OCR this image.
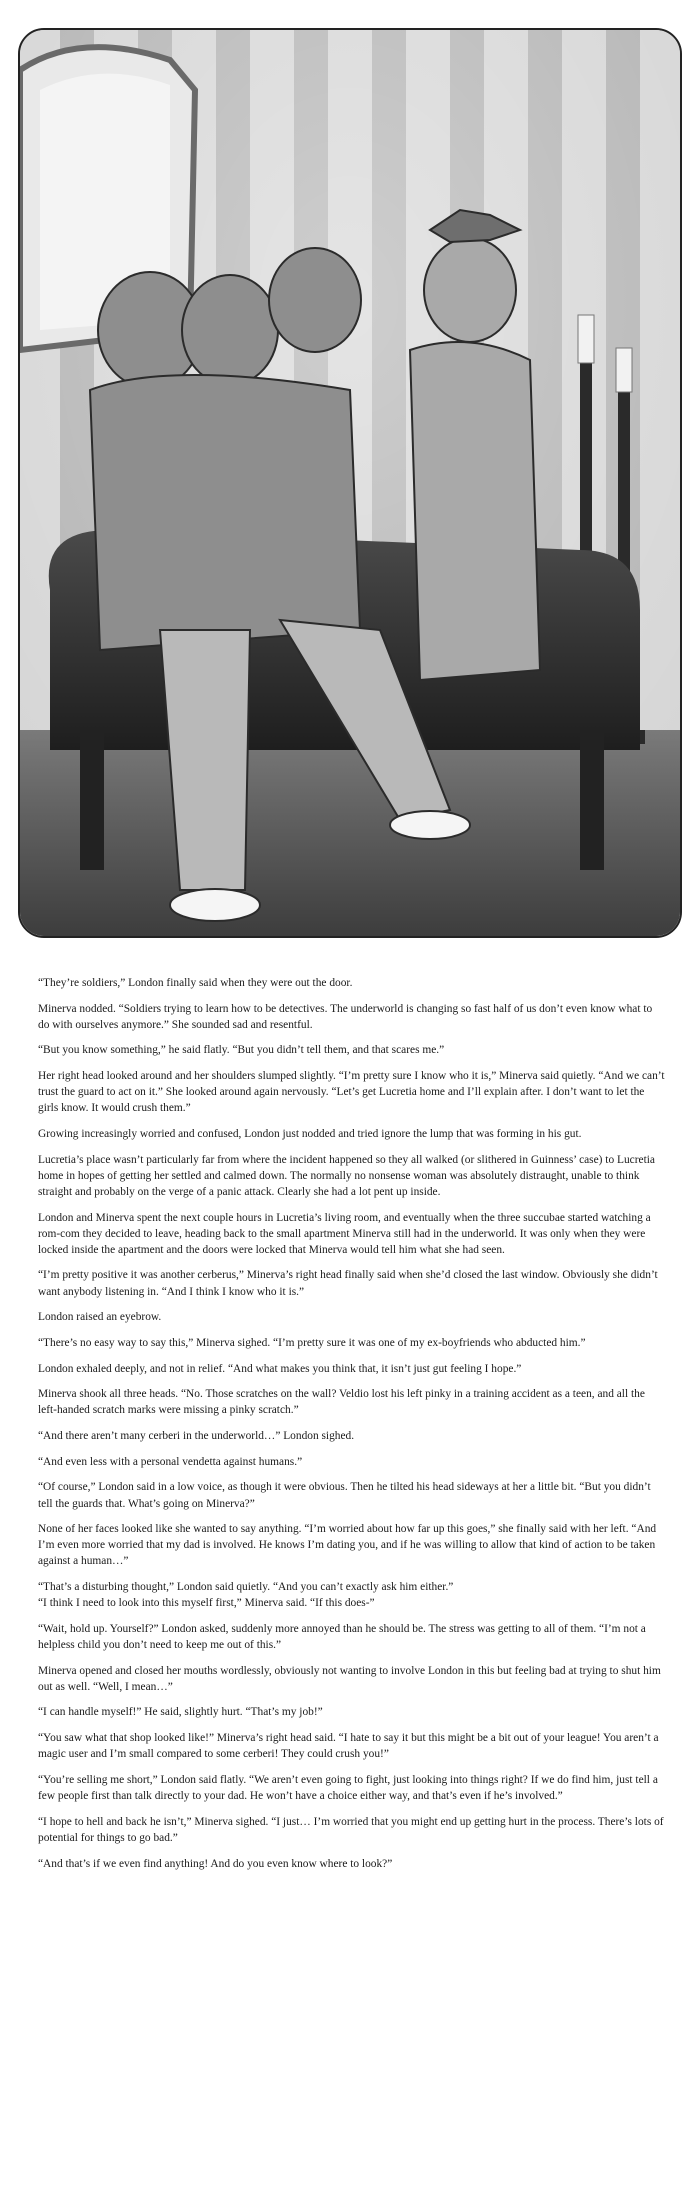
“They’re soldiers,” London finally said when they were out the door.

Minerva nodded. “Soldiers trying to learn how to be detectives. The underworld is changing so fast half of us don’t even know what to do with ourselves anymore.” She sounded sad and resentful.

“But you know something,” he said flatly. “But you didn’t tell them, and that scares me.”

Her right head looked around and her shoulders slumped slightly. “I’m pretty sure I know who it is,” Minerva said quietly. “And we can’t trust the guard to act on it.” She looked around again nervously. “Let’s get Lucretia home and I’ll explain after. I don’t want to let the girls know. It would crush them.”

Growing increasingly worried and confused, London just nodded and tried ignore the lump that was forming in his gut.

Lucretia’s place wasn’t particularly far from where the incident happened so they all walked (or slithered in Guinness’ case) to Lucretia home in hopes of getting her settled and calmed down. The normally no nonsense woman was absolutely distraught, unable to think straight and probably on the verge of a panic attack. Clearly she had a lot pent up inside.

London and Minerva spent the next couple hours in Lucretia’s living room, and eventually when the three succubae started watching a rom-com they decided to leave, heading back to the small apartment Minerva still had in the underworld. It was only when they were locked inside the apartment and the doors were locked that Minerva would tell him what she had seen.

“I’m pretty positive it was another cerberus,” Minerva’s right head finally said when she’d closed the last window. Obviously she didn’t want anybody listening in. “And I think I know who it is.”

London raised an eyebrow.

“There’s no easy way to say this,” Minerva sighed. “I’m pretty sure it was one of my ex-boyfriends who abducted him.”

London exhaled deeply, and not in relief. “And what makes you think that, it isn’t just gut feeling I hope.”

Minerva shook all three heads. “No. Those scratches on the wall? Veldio lost his left pinky in a training accident as a teen, and all the left-handed scratch marks were missing a pinky scratch.”

“And there aren’t many cerberi in the underworld…” London sighed.

“And even less with a personal vendetta against humans.”

“Of course,” London said in a low voice, as though it were obvious. Then he tilted his head sideways at her a little bit. “But you didn’t tell the guards that. What’s going on Minerva?”

None of her faces looked like she wanted to say anything. “I’m worried about how far up this goes,” she finally said with her left. “And I’m even more worried that my dad is involved. He knows I’m dating you, and if he was willing to allow that kind of action to be taken against a human…”

“That’s a disturbing thought,” London said quietly. “And you can’t exactly ask him either.”

“I think I need to look into this myself first,” Minerva said. “If this does-”

“Wait, hold up. Yourself?” London asked, suddenly more annoyed than he should be. The stress was getting to all of them. “I’m not a helpless child you don’t need to keep me out of this.”

Minerva opened and closed her mouths wordlessly, obviously not wanting to involve London in this but feeling bad at trying to shut him out as well. “Well, I mean…”

“I can handle myself!” He said, slightly hurt. “That’s my job!”

“You saw what that shop looked like!” Minerva’s right head said. “I hate to say it but this might be a bit out of your league! You aren’t a magic user and I’m small compared to some cerberi! They could crush you!”

“You’re selling me short,” London said flatly. “We aren’t even going to fight, just looking into things right? If we do find him, just tell a few people first than talk directly to your dad. He won’t have a choice either way, and that’s even if he’s involved.”

“I hope to hell and back he isn’t,” Minerva sighed. “I just… I’m worried that you might end up getting hurt in the process. There’s lots of potential for things to go bad.”

“And that’s if we even find anything! And do you even know where to look?”
